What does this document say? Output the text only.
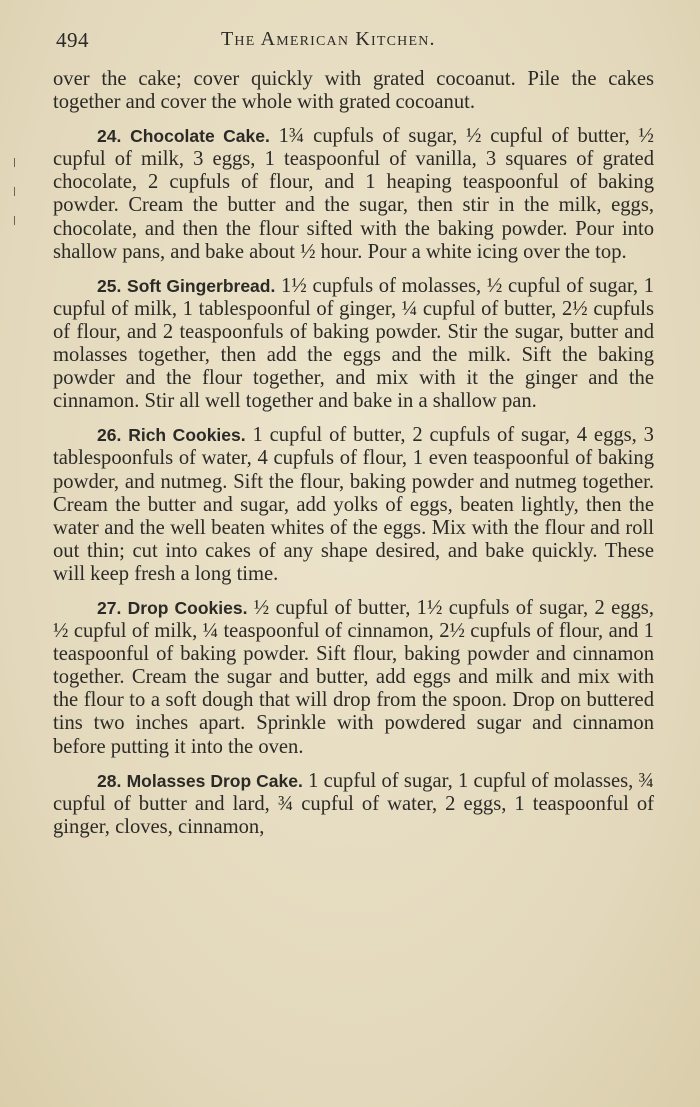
494	The American Kitchen.

over the cake; cover quickly with grated cocoanut. Pile the cakes together and cover the whole with grated cocoanut.

24. Chocolate Cake. 1¾ cupfuls of sugar, ½ cupful of butter, ½ cupful of milk, 3 eggs, 1 teaspoonful of vanilla, 3 squares of grated chocolate, 2 cupfuls of flour, and 1 heaping teaspoonful of baking powder. Cream the butter and the sugar, then stir in the milk, eggs, chocolate, and then the flour sifted with the baking powder. Pour into shallow pans, and bake about ½ hour. Pour a white icing over the top.

25. Soft Gingerbread. 1½ cupfuls of molasses, ½ cupful of sugar, 1 cupful of milk, 1 tablespoonful of ginger, ¼ cupful of butter, 2½ cupfuls of flour, and 2 teaspoonfuls of baking powder. Stir the sugar, butter and molasses together, then add the eggs and the milk. Sift the baking powder and the flour together, and mix with it the ginger and the cinnamon. Stir all well together and bake in a shallow pan.

26. Rich Cookies. 1 cupful of butter, 2 cupfuls of sugar, 4 eggs, 3 tablespoonfuls of water, 4 cupfuls of flour, 1 even teaspoonful of baking powder, and nutmeg. Sift the flour, baking powder and nutmeg together. Cream the butter and sugar, add yolks of eggs, beaten lightly, then the water and the well beaten whites of the eggs. Mix with the flour and roll out thin; cut into cakes of any shape desired, and bake quickly. These will keep fresh a long time.

27. Drop Cookies. ½ cupful of butter, 1½ cupfuls of sugar, 2 eggs, ½ cupful of milk, ¼ teaspoonful of cinnamon, 2½ cupfuls of flour, and 1 teaspoonful of baking powder. Sift flour, baking powder and cinnamon together. Cream the sugar and butter, add eggs and milk and mix with the flour to a soft dough that will drop from the spoon. Drop on buttered tins two inches apart. Sprinkle with powdered sugar and cinnamon before putting it into the oven.

28. Molasses Drop Cake. 1 cupful of sugar, 1 cupful of molasses, ¾ cupful of butter and lard, ¾ cupful of water, 2 eggs, 1 teaspoonful of ginger, cloves, cinnamon,
